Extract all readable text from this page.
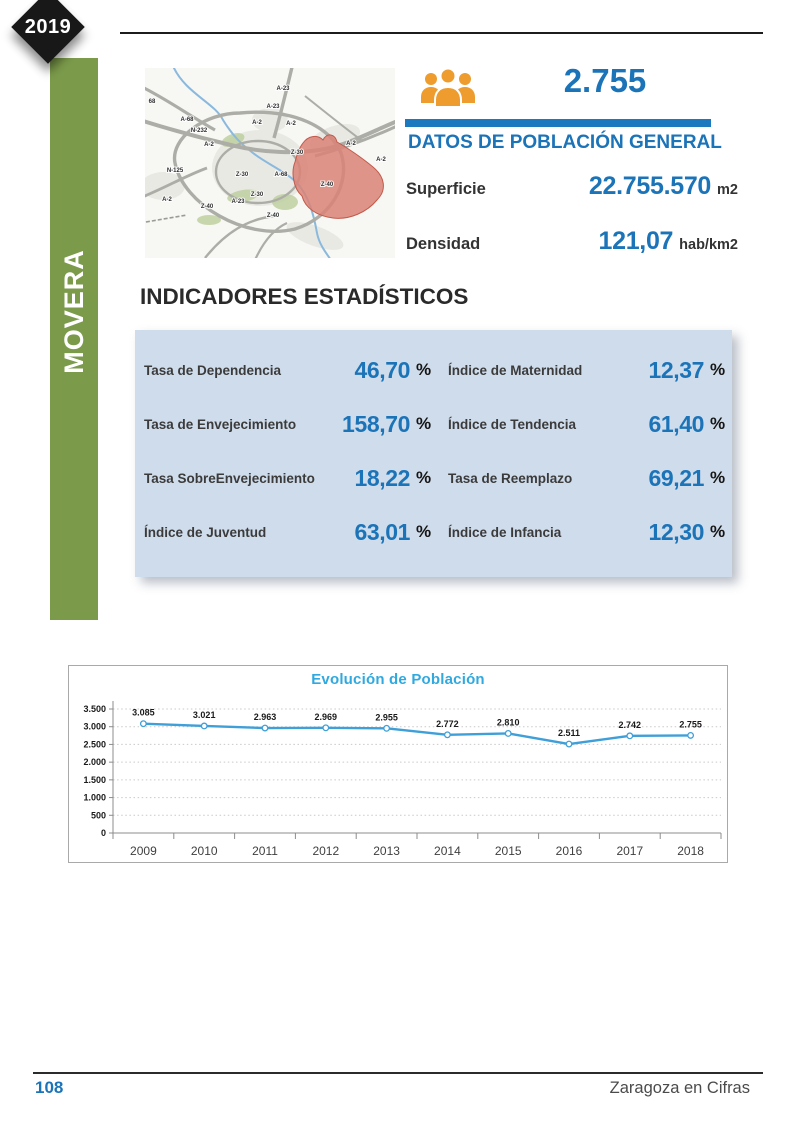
2019
MOVERA
68
A-23
A-68
N-232
A-23
A-2	A-2
A-2
N-125
A-2
Z-30	A-68
Z-30
Z-40
A-23
Z-40
Z-30
Z-40
A-2
A-2
2.755
DATOS DE POBLACIÓN GENERAL
Superficie	22.755.570 m2
Densidad	121,07 hab/km2
INDICADORES ESTADÍSTICOS
Tasa de Dependencia	46,70 %	Índice de Maternidad	12,37 %
Tasa de Envejecimiento	158,70 %	Índice de Tendencia	61,40 %
Tasa SobreEnvejecimiento	18,22 %	Tasa de Reemplazo	69,21 %
Índice de Juventud	63,01 %	Índice de Infancia	12,30 %
0
500
1.000
1.500
2.000
2.500
3.000
3.500
2009	2010	2011	2012	2013	2014	2015	2016	2017	2018
3.085	3.021	2.963	2.969	2.955
2.772	2.810
2.511
2.742	2.755
Evolución de Población
108	Zaragoza en Cifras
